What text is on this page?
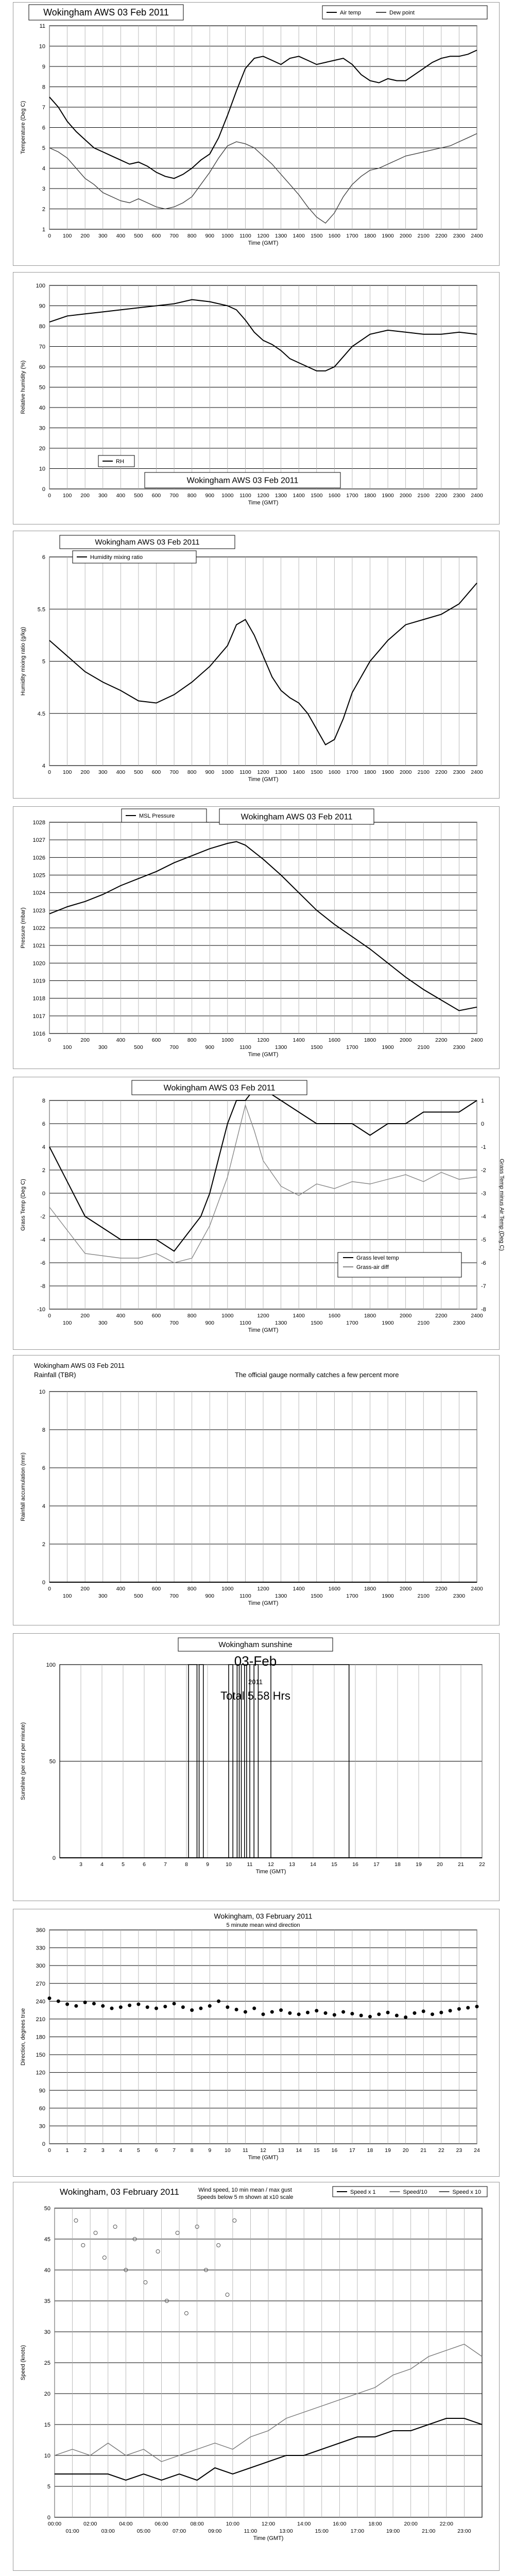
1
2
3
4
5
6
7
8
9
10
11
0 100 200 300 400 500 600 700 800 900 1000 1100 1200 1300 1400 1500 1600 1700 1800 1900 2000 2100 2200 2300 2400
Time (GMT)
Temperature (Deg C)
Wokingham AWS 03 Feb 2011	Air temp	Dew point
0
10
20
30
40
50
60
70
80
90
100
0 100 200 300 400 500 600 700 800 900 1000 1100 1200 1300 1400 1500 1600 1700 1800 1900 2000 2100 2200 2300 2400
Time (GMT)
Relative humidity (%)
RH
Wokingham AWS 03 Feb 2011
4
4.5
5
5.5
6
0 100 200 300 400 500 600 700 800 900 1000 1100 1200 1300 1400 1500 1600 1700 1800 1900 2000 2100 2200 2300 2400
Time (GMT)
Humidity mixing ratio (g/kg)
Wokingham AWS 03 Feb 2011
Humidity mixing ratio
1016
1017
1018
1019
1020
1021
1022
1023
1024
1025
1026
1027
1028
0
100
200
300
400
500
600
700
800
900
1000
1100
1200
1300
1400
1500
1600
1700
1800
1900
2000
2100
2200
2300
2400
Time (GMT)
Pressure (mbar)
MSL Pressure	Wokingham AWS 03 Feb 2011
-10
-8
-6
-4
-2
0
2
4
6
8
0
100
200
300
400
500
600
700
800
900
1000
1100
1200
1300
1400
1500
1600
1700
1800
1900
2000
2100
2200
2300
2400
-8
-7
-6
-5
-4
-3
-2
-1
0
1
Grass Temp minus Air Temp (Deg C)
Time (GMT)
Grass Temp (Deg C)
Wokingham AWS 03 Feb 2011
Grass level temp
Grass-air diff
0
2
4
6
8
10
0
100
200
300
400
500
600
700
800
900
1000
1100
1200
1300
1400
1500
1600
1700
1800
1900
2000
2100
2200
2300
2400
Time (GMT)
Rainfall accumulation (mm)
Wokingham AWS 03 Feb 2011
Rainfall (TBR)	The official gauge normally catches a few percent more
0
50
100
3	4	5	6	7	8	9	10	11	12	13	14	15	16	17	18	19	20	21	22
Time (GMT)
Sunshine (per cent per minute)
Wokingham sunshine
03-Feb
2011
Total 5.58 Hrs
0
30
60
90
120
150
180
210
240
270
300
330
360
0	1	2	3	4	5	6	7	8	9 10 11 12 13 14 15 16 17 18 19 20 21 22 23 24
Time (GMT)
Direction, degrees true
Wokingham, 03 February 2011
5 minute mean wind direction
0
5
10
15
20
25
30
35
40
45
50
00:00	02:00	04:00	06:00	08:00	10:00	12:00	14:00	16:00	18:00	20:00	22:00
01:00	03:00	05:00	07:00	09:00	11:00	13:00	15:00	17:00	19:00	21:00	23:00
Time (GMT)
Speed (knots)
Speed x 1	Speed/10	Speed x 10
Wokingham, 03 February 2011	Wind speed, 10 min mean / max gust
Speeds below 5 m shown at x10 scale
